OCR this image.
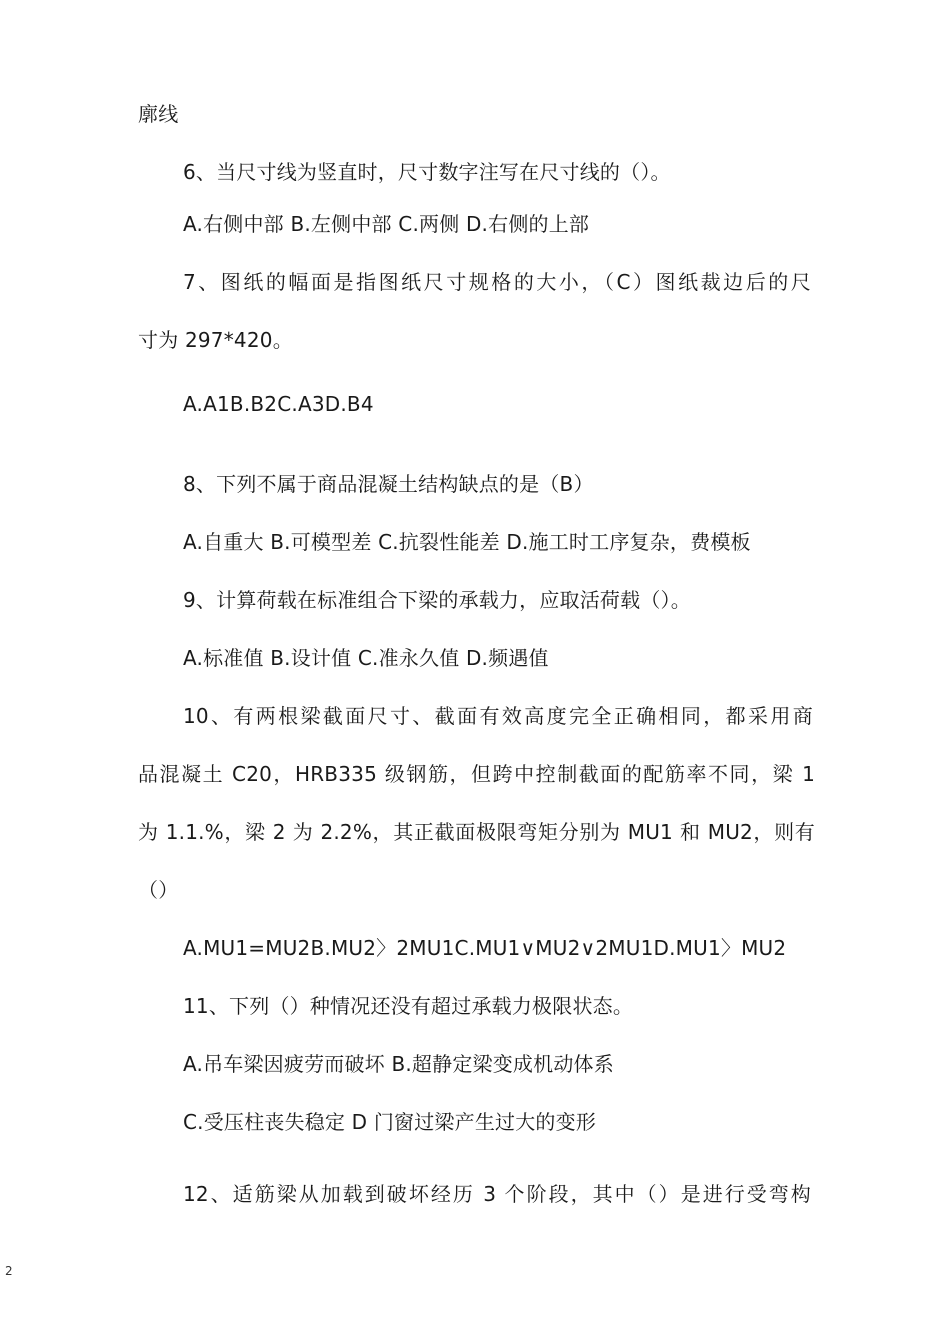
廓线
6、当尺寸线为竖直时，尺寸数字注写在尺寸线的（）。
A.右侧中部 B.左侧中部 C.两侧 D.右侧的上部
7、图纸的幅面是指图纸尺寸规格的大小，（C）图纸裁边后的尺
寸为 297*420。
A.A1B.B2C.A3D.B4
8、下列不属于商品混凝土结构缺点的是（B）
A.自重大 B.可模型差 C.抗裂性能差 D.施工时工序复杂，费模板
9、计算荷载在标准组合下梁的承载力，应取活荷载（）。
A.标准值 B.设计值 C.准永久值 D.频遇值
10、有两根梁截面尺寸、截面有效高度完全正确相同，都采用商
品混凝土 C20，HRB335 级钢筋，但跨中控制截面的配筋率不同，梁 1
为 1.1.%，梁 2 为 2.2%，其正截面极限弯矩分别为 MU1 和 MU2，则有
（）
A.MU1=MU2B.MU2〉2MU1C.MU1∨MU2∨2MU1D.MU1〉MU2
11、下列（）种情况还没有超过承载力极限状态。
A.吊车梁因疲劳而破坏 B.超静定梁变成机动体系
C.受压柱丧失稳定 D 门窗过梁产生过大的变形
12、适筋梁从加载到破坏经历 3 个阶段，其中（）是进行受弯构
2
